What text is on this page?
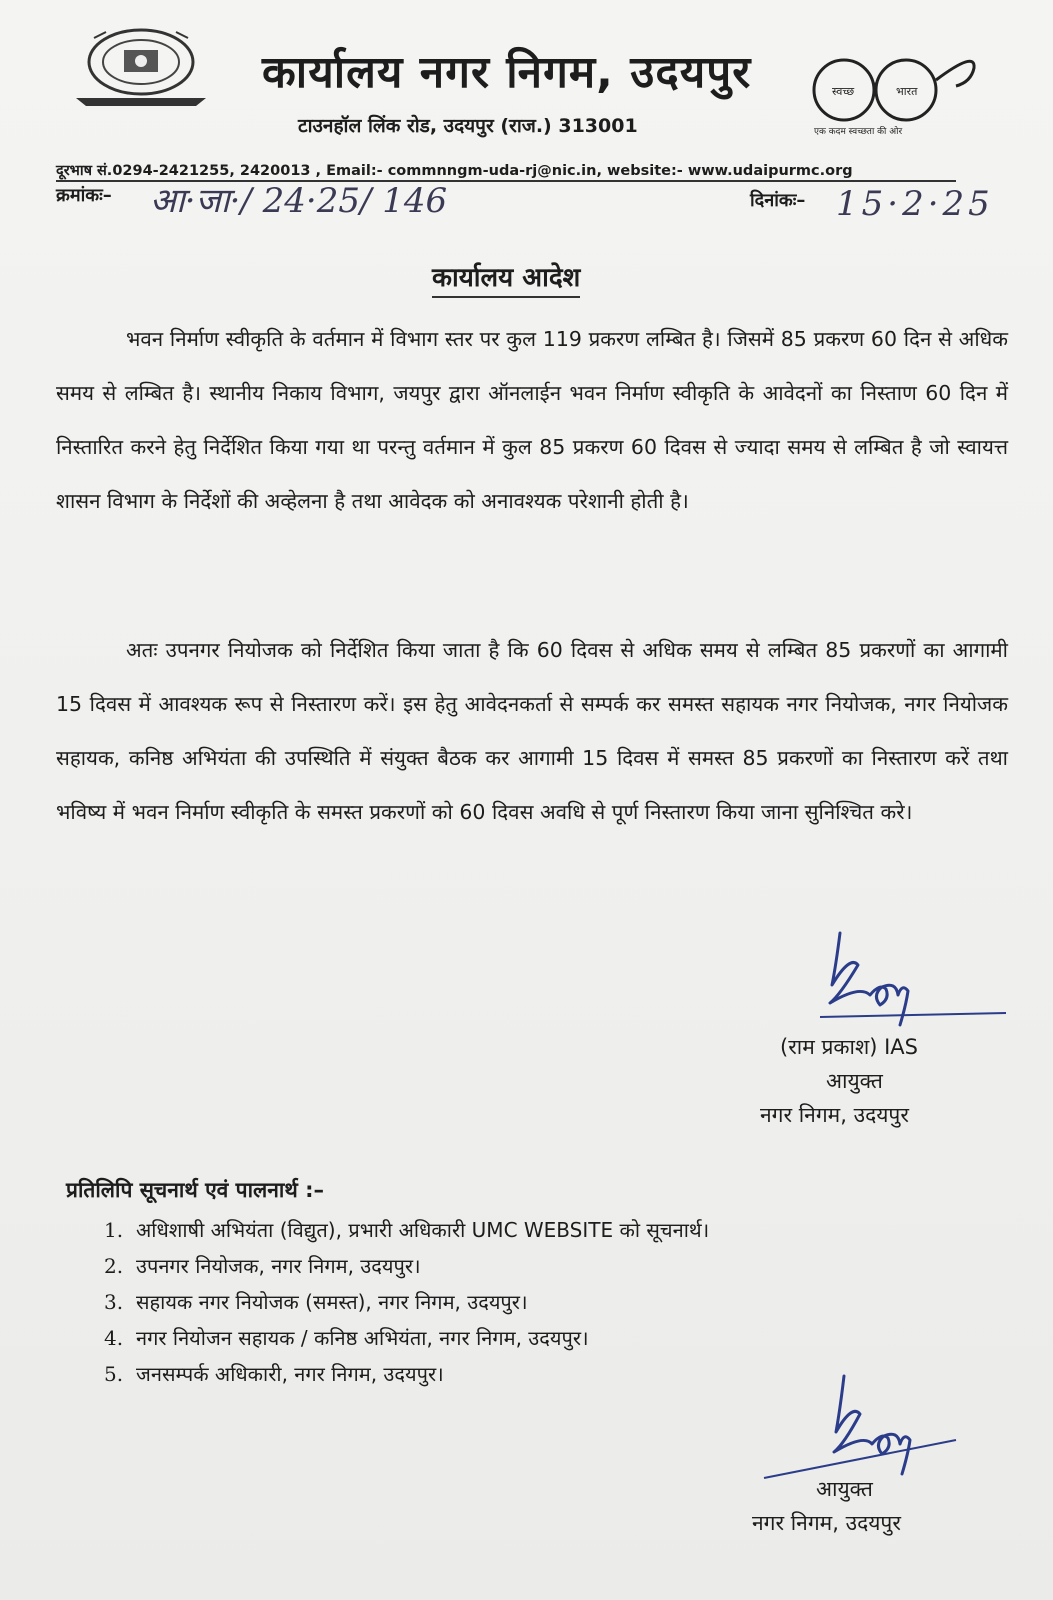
कार्यालय नगर निगम, उदयपुर
टाउनहॉल लिंक रोड, उदयपुर (राज.) 313001
स्वच्छ	भारत
एक कदम स्वच्छता की ओर
दूरभाष सं.0294-2421255, 2420013 , Email:- commnngm-uda-rj@nic.in, website:- www.udaipurmc.org
क्रमांकः– आ·जा·/ 24·25/ 146	दिनांकः– 15·2·25
कार्यालय आदेश
भवन निर्माण स्वीकृति के वर्तमान में विभाग स्तर पर कुल 119 प्रकरण लम्बित है। जिसमें 85 प्रकरण 60 दिन से अधिक समय से लम्बित है। स्थानीय निकाय विभाग, जयपुर द्वारा ऑनलाईन भवन निर्माण स्वीकृति के आवेदनों का निस्ताण 60 दिन में निस्तारित करने हेतु निर्देशित किया गया था परन्तु वर्तमान में कुल 85 प्रकरण 60 दिवस से ज्यादा समय से लम्बित है जो स्वायत्त शासन विभाग के निर्देशों की अव्हेलना है तथा आवेदक को अनावश्यक परेशानी होती है।
अतः उपनगर नियोजक को निर्देशित किया जाता है कि 60 दिवस से अधिक समय से लम्बित 85 प्रकरणों का आगामी 15 दिवस में आवश्यक रूप से निस्तारण करें। इस हेतु आवेदनकर्ता से सम्पर्क कर समस्त सहायक नगर नियोजक, नगर नियोजक सहायक, कनिष्ठ अभियंता की उपस्थिति में संयुक्त बैठक कर आगामी 15 दिवस में समस्त 85 प्रकरणों का निस्तारण करें तथा भविष्य में भवन निर्माण स्वीकृति के समस्त प्रकरणों को 60 दिवस अवधि से पूर्ण निस्तारण किया जाना सुनिश्चित करे।
(राम प्रकाश) IAS
आयुक्त
नगर निगम, उदयपुर
प्रतिलिपि सूचनार्थ एवं पालनार्थ :–
1. अधिशाषी अभियंता (विद्युत), प्रभारी अधिकारी UMC WEBSITE को सूचनार्थ।
2. उपनगर नियोजक, नगर निगम, उदयपुर।
3. सहायक नगर नियोजक (समस्त), नगर निगम, उदयपुर।
4. नगर नियोजन सहायक / कनिष्ठ अभियंता, नगर निगम, उदयपुर।
5. जनसम्पर्क अधिकारी, नगर निगम, उदयपुर।
आयुक्त
नगर निगम, उदयपुर
